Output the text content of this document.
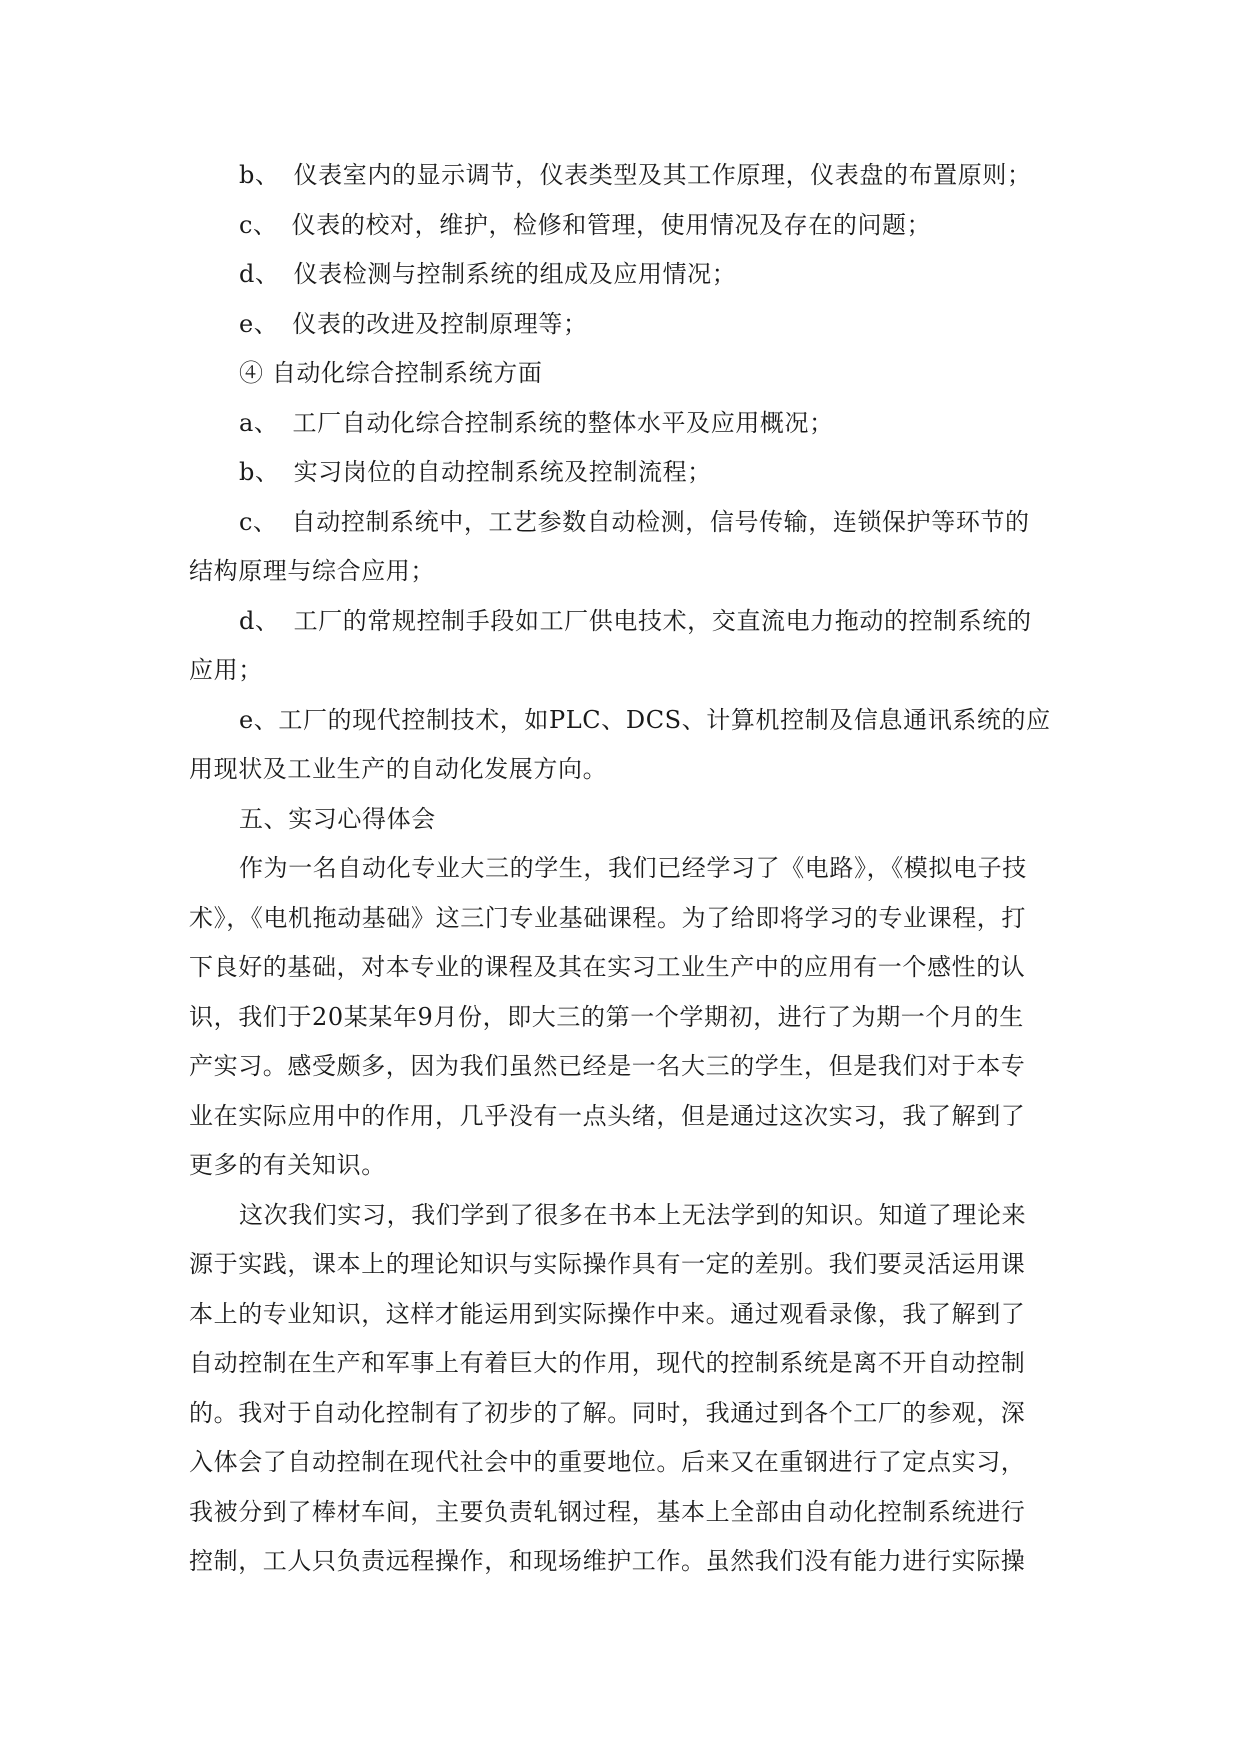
b、 仪表室内的显示调节，仪表类型及其工作原理，仪表盘的布置原则；

c、 仪表的校对，维护，检修和管理，使用情况及存在的问题；

d、 仪表检测与控制系统的组成及应用情况；

e、 仪表的改进及控制原理等；

④ 自动化综合控制系统方面

a、 工厂自动化综合控制系统的整体水平及应用概况；

b、 实习岗位的自动控制系统及控制流程；

c、 自动控制系统中，工艺参数自动检测，信号传输，连锁保护等环节的

结构原理与综合应用；

d、 工厂的常规控制手段如工厂供电技术，交直流电力拖动的控制系统的

应用；

e、工厂的现代控制技术，如PLC、DCS、计算机控制及信息通讯系统的应

用现状及工业生产的自动化发展方向。

五、实习心得体会

作为一名自动化专业大三的学生，我们已经学习了《电路》，《模拟电子技

术》，《电机拖动基础》这三门专业基础课程。为了给即将学习的专业课程，打

下良好的基础，对本专业的课程及其在实习工业生产中的应用有一个感性的认

识，我们于20某某年9月份，即大三的第一个学期初，进行了为期一个月的生

产实习。感受颇多，因为我们虽然已经是一名大三的学生，但是我们对于本专

业在实际应用中的作用，几乎没有一点头绪，但是通过这次实习，我了解到了

更多的有关知识。

这次我们实习，我们学到了很多在书本上无法学到的知识。知道了理论来

源于实践，课本上的理论知识与实际操作具有一定的差别。我们要灵活运用课

本上的专业知识，这样才能运用到实际操作中来。通过观看录像，我了解到了

自动控制在生产和军事上有着巨大的作用，现代的控制系统是离不开自动控制

的。我对于自动化控制有了初步的了解。同时，我通过到各个工厂的参观，深

入体会了自动控制在现代社会中的重要地位。后来又在重钢进行了定点实习，

我被分到了棒材车间，主要负责轧钢过程，基本上全部由自动化控制系统进行

控制，工人只负责远程操作，和现场维护工作。虽然我们没有能力进行实际操
